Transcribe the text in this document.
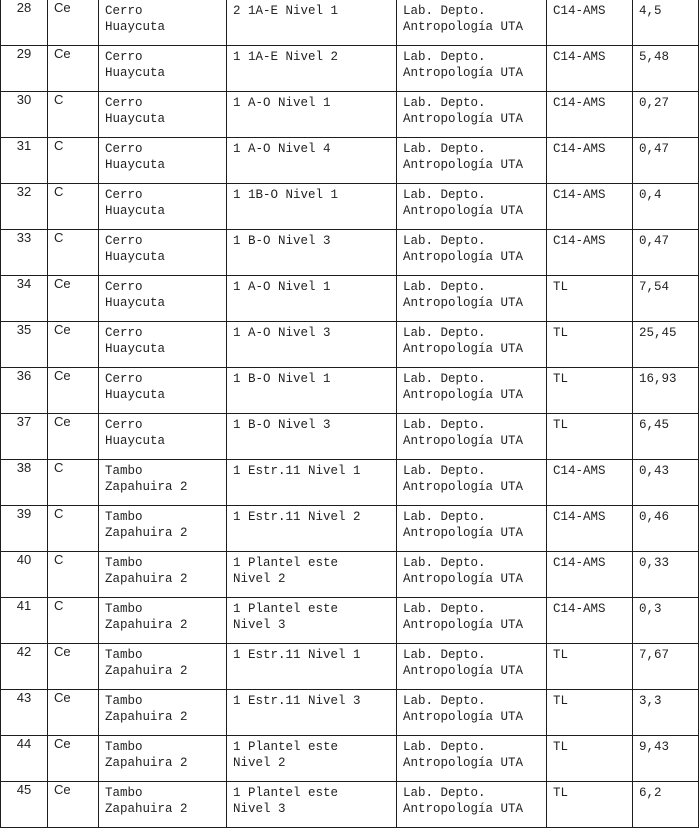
28	Ce	Cerro
Huaycuta	2 1A-E Nivel 1	Lab. Depto.
Antropología UTA	C14-AMS	4,5

29	Ce	Cerro
Huaycuta	1 1A-E Nivel 2	Lab. Depto.
Antropología UTA	C14-AMS	5,48

30	C	Cerro
Huaycuta	1 A-O Nivel 1	Lab. Depto.
Antropología UTA	C14-AMS	0,27

31	C	Cerro
Huaycuta	1 A-O Nivel 4	Lab. Depto.
Antropología UTA	C14-AMS	0,47

32	C	Cerro
Huaycuta	1 1B-O Nivel 1	Lab. Depto.
Antropología UTA	C14-AMS	0,4

33	C	Cerro
Huaycuta	1 B-O Nivel 3	Lab. Depto.
Antropología UTA	C14-AMS	0,47

34	Ce	Cerro
Huaycuta	1 A-O Nivel 1	Lab. Depto.
Antropología UTA	TL	7,54

35	Ce	Cerro
Huaycuta	1 A-O Nivel 3	Lab. Depto.
Antropología UTA	TL	25,45

36	Ce	Cerro
Huaycuta	1 B-O Nivel 1	Lab. Depto.
Antropología UTA	TL	16,93

37	Ce	Cerro
Huaycuta	1 B-O Nivel 3	Lab. Depto.
Antropología UTA	TL	6,45

38	C	Tambo
Zapahuira 2	1 Estr.11 Nivel 1	Lab. Depto.
Antropología UTA	C14-AMS	0,43

39	C	Tambo
Zapahuira 2	1 Estr.11 Nivel 2	Lab. Depto.
Antropología UTA	C14-AMS	0,46

40	C	Tambo
Zapahuira 2	1 Plantel este
Nivel 2	Lab. Depto.
Antropología UTA	C14-AMS	0,33

41	C	Tambo
Zapahuira 2	1 Plantel este
Nivel 3	Lab. Depto.
Antropología UTA	C14-AMS	0,3

42	Ce	Tambo
Zapahuira 2	1 Estr.11 Nivel 1	Lab. Depto.
Antropología UTA	TL	7,67

43	Ce	Tambo
Zapahuira 2	1 Estr.11 Nivel 3	Lab. Depto.
Antropología UTA	TL	3,3

44	Ce	Tambo
Zapahuira 2	1 Plantel este
Nivel 2	Lab. Depto.
Antropología UTA	TL	9,43

45	Ce	Tambo
Zapahuira 2	1 Plantel este
Nivel 3	Lab. Depto.
Antropología UTA	TL	6,2
